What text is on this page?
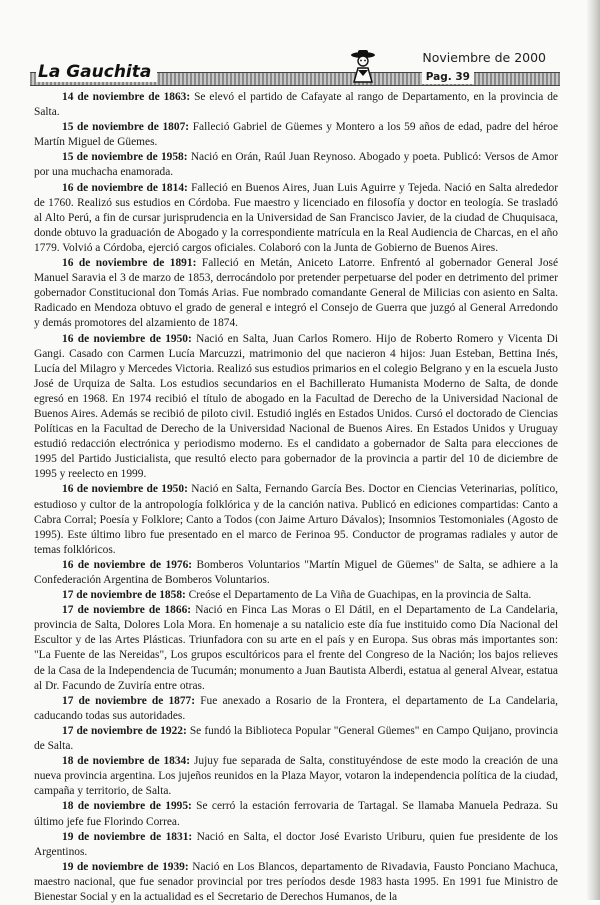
La Gauchita
Noviembre de 2000
Pag. 39

14 de noviembre de 1863: Se elevó el partido de Cafayate al rango de Departamento, en la provincia de Salta.

15 de noviembre de 1807: Falleció Gabriel de Güemes y Montero a los 59 años de edad, padre del héroe Martín Miguel de Güemes.

15 de noviembre de 1958: Nació en Orán, Raúl Juan Reynoso. Abogado y poeta. Publicó: Versos de Amor por una muchacha enamorada.

16 de noviembre de 1814: Falleció en Buenos Aires, Juan Luis Aguirre y Tejeda. Nació en Salta alrededor de 1760. Realizó sus estudios en Córdoba. Fue maestro y licenciado en filosofía y doctor en teología. Se trasladó al Alto Perú, a fin de cursar jurisprudencia en la Universidad de San Francisco Javier, de la ciudad de Chuquisaca, donde obtuvo la graduación de Abogado y la correspondiente matrícula en la Real Audiencia de Charcas, en el año 1779. Volvió a Córdoba, ejerció cargos oficiales. Colaboró con la Junta de Gobierno de Buenos Aires.

16 de noviembre de 1891: Falleció en Metán, Aniceto Latorre. Enfrentó al gobernador General José Manuel Saravia el 3 de marzo de 1853, derrocándolo por pretender perpetuarse del poder en detrimento del primer gobernador Constitucional don Tomás Arias. Fue nombrado comandante General de Milicias con asiento en Salta. Radicado en Mendoza obtuvo el grado de general e integró el Consejo de Guerra que juzgó al General Arredondo y demás promotores del alzamiento de 1874.

16 de noviembre de 1950: Nació en Salta, Juan Carlos Romero. Hijo de Roberto Romero y Vicenta Di Gangi. Casado con Carmen Lucía Marcuzzi, matrimonio del que nacieron 4 hijos: Juan Esteban, Bettina Inés, Lucía del Milagro y Mercedes Victoria. Realizó sus estudios primarios en el colegio Belgrano y en la escuela Justo José de Urquiza de Salta. Los estudios secundarios en el Bachillerato Humanista Moderno de Salta, de donde egresó en 1968. En 1974 recibió el título de abogado en la Facultad de Derecho de la Universidad Nacional de Buenos Aires. Además se recibió de piloto civil. Estudió inglés en Estados Unidos. Cursó el doctorado de Ciencias Políticas en la Facultad de Derecho de la Universidad Nacional de Buenos Aires. En Estados Unidos y Uruguay estudió redacción electrónica y periodismo moderno. Es el candidato a gobernador de Salta para elecciones de 1995 del Partido Justicialista, que resultó electo para gobernador de la provincia a partir del 10 de diciembre de 1995 y reelecto en 1999.

16 de noviembre de 1950: Nació en Salta, Fernando García Bes. Doctor en Ciencias Veterinarias, político, estudioso y cultor de la antropología folklórica y de la canción nativa. Publicó en ediciones compartidas: Canto a Cabra Corral; Poesía y Folklore; Canto a Todos (con Jaime Arturo Dávalos); Insomnios Testomoniales (Agosto de 1995). Este último libro fue presentado en el marco de Ferinoa 95. Conductor de programas radiales y autor de temas folklóricos.

16 de noviembre de 1976: Bomberos Voluntarios "Martín Miguel de Güemes" de Salta, se adhiere a la Confederación Argentina de Bomberos Voluntarios.

17 de noviembre de 1858: Creóse el Departamento de La Viña de Guachipas, en la provincia de Salta.

17 de noviembre de 1866: Nació en Finca Las Moras o El Dátil, en el Departamento de La Candelaria, provincia de Salta, Dolores Lola Mora. En homenaje a su natalicio este día fue instituido como Día Nacional del Escultor y de las Artes Plásticas. Triunfadora con su arte en el país y en Europa. Sus obras más importantes son: "La Fuente de las Nereidas", Los grupos escultóricos para el frente del Congreso de la Nación; los bajos relieves de la Casa de la Independencia de Tucumán; monumento a Juan Bautista Alberdi, estatua al general Alvear, estatua al Dr. Facundo de Zuviría entre otras.

17 de noviembre de 1877: Fue anexado a Rosario de la Frontera, el departamento de La Candelaria, caducando todas sus autoridades.

17 de noviembre de 1922: Se fundó la Biblioteca Popular "General Güemes" en Campo Quijano, provincia de Salta.

18 de noviembre de 1834: Jujuy fue separada de Salta, constituyéndose de este modo la creación de una nueva provincia argentina. Los jujeños reunidos en la Plaza Mayor, votaron la independencia política de la ciudad, campaña y territorio, de Salta.

18 de noviembre de 1995: Se cerró la estación ferrovaria de Tartagal. Se llamaba Manuela Pedraza. Su último jefe fue Florindo Correa.

19 de noviembre de 1831: Nació en Salta, el doctor José Evaristo Uriburu, quien fue presidente de los Argentinos.

19 de noviembre de 1939: Nació en Los Blancos, departamento de Rivadavia, Fausto Ponciano Machuca, maestro nacional, que fue senador provincial por tres períodos desde 1983 hasta 1995. En 1991 fue Ministro de Bienestar Social y en la actualidad es el Secretario de Derechos Humanos, de la
